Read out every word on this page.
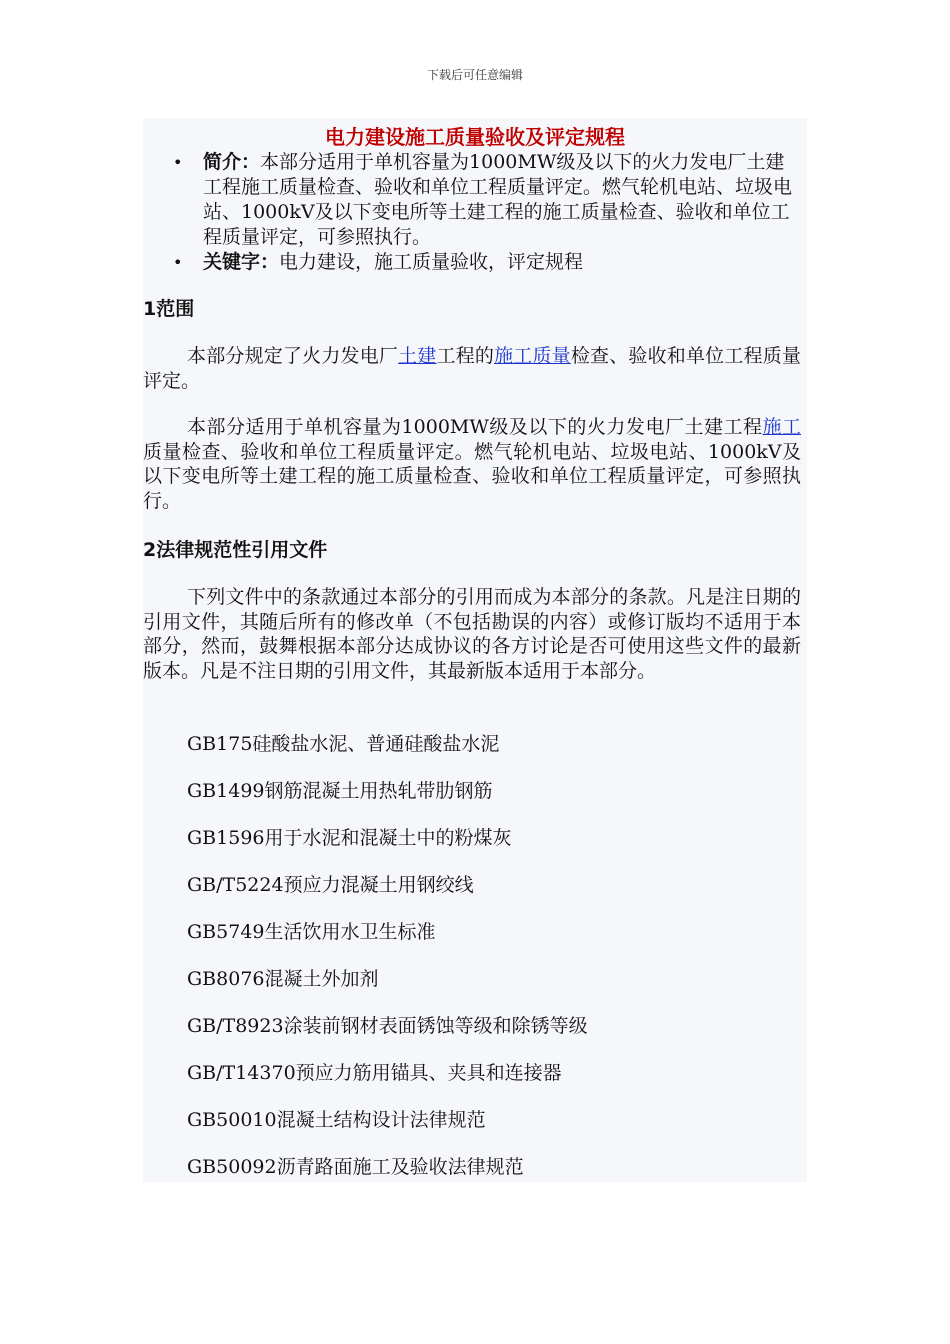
下载后可任意编辑
电力建设施工质量验收及评定规程
• 简介：本部分适用于单机容量为1000MW级及以下的火力发电厂土建工程施工质量检查、验收和单位工程质量评定。燃气轮机电站、垃圾电站、1000kV及以下变电所等土建工程的施工质量检查、验收和单位工程质量评定，可参照执行。
• 关键字：电力建设，施工质量验收，评定规程
1范围

本部分规定了火力发电厂土建工程的施工质量检查、验收和单位工程质量评定。

本部分适用于单机容量为1000MW级及以下的火力发电厂土建工程施工质量检查、验收和单位工程质量评定。燃气轮机电站、垃圾电站、1000kV及以下变电所等土建工程的施工质量检查、验收和单位工程质量评定，可参照执行。

2法律规范性引用文件

下列文件中的条款通过本部分的引用而成为本部分的条款。凡是注日期的引用文件，其随后所有的修改单（不包括勘误的内容）或修订版均不适用于本部分，然而，鼓舞根据本部分达成协议的各方讨论是否可使用这些文件的最新版本。凡是不注日期的引用文件，其最新版本适用于本部分。

GB175硅酸盐水泥、普通硅酸盐水泥
GB1499钢筋混凝土用热轧带肋钢筋
GB1596用于水泥和混凝土中的粉煤灰
GB/T5224预应力混凝土用钢绞线
GB5749生活饮用水卫生标准
GB8076混凝土外加剂
GB/T8923涂装前钢材表面锈蚀等级和除锈等级
GB/T14370预应力筋用锚具、夹具和连接器
GB50010混凝土结构设计法律规范
GB50092沥青路面施工及验收法律规范
